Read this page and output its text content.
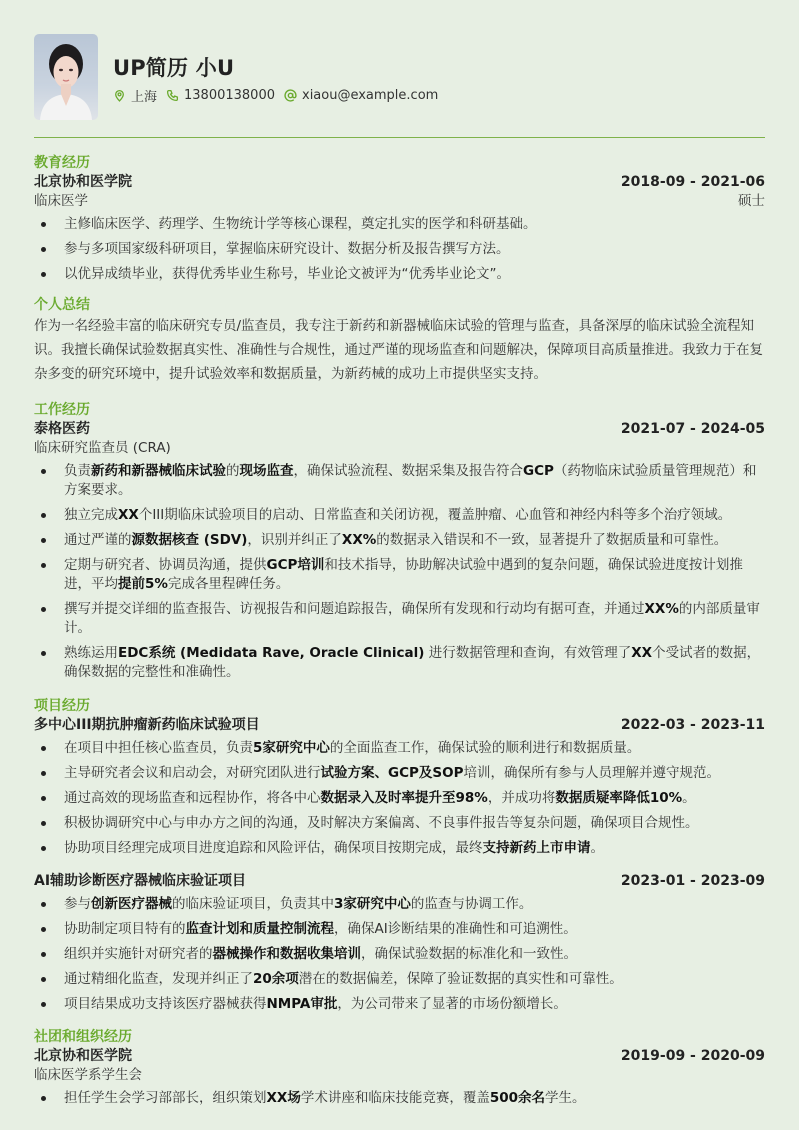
UP简历 小U
上海 13800138000 xiaou@example.com
教育经历
北京协和医学院	2018-09 - 2021-06
临床医学	硕士
主修临床医学、药理学、生物统计学等核心课程，奠定扎实的医学和科研基础。
参与多项国家级科研项目，掌握临床研究设计、数据分析及报告撰写方法。
以优异成绩毕业，获得优秀毕业生称号，毕业论文被评为“优秀毕业论文”。
个人总结
作为一名经验丰富的临床研究专员/监查员，我专注于新药和新器械临床试验的管理与监查，具备深厚的临床试验全流程知识。我擅长确保试验数据真实性、准确性与合规性，通过严谨的现场监查和问题解决，保障项目高质量推进。我致力于在复杂多变的研究环境中，提升试验效率和数据质量，为新药械的成功上市提供坚实支持。
工作经历
泰格医药	2021-07 - 2024-05
临床研究监查员 (CRA)
负责新药和新器械临床试验的现场监查，确保试验流程、数据采集及报告符合GCP（药物临床试验质量管理规范）和方案要求。
独立完成XX个III期临床试验项目的启动、日常监查和关闭访视，覆盖肿瘤、心血管和神经内科等多个治疗领域。
通过严谨的源数据核查 (SDV)，识别并纠正了XX%的数据录入错误和不一致，显著提升了数据质量和可靠性。
定期与研究者、协调员沟通，提供GCP培训和技术指导，协助解决试验中遇到的复杂问题，确保试验进度按计划推进，平均提前5%完成各里程碑任务。
撰写并提交详细的监查报告、访视报告和问题追踪报告，确保所有发现和行动均有据可查，并通过XX%的内部质量审计。
熟练运用EDC系统 (Medidata Rave, Oracle Clinical) 进行数据管理和查询，有效管理了XX个受试者的数据，确保数据的完整性和准确性。
项目经历
多中心III期抗肿瘤新药临床试验项目	2022-03 - 2023-11
在项目中担任核心监查员，负责5家研究中心的全面监查工作，确保试验的顺利进行和数据质量。
主导研究者会议和启动会，对研究团队进行试验方案、GCP及SOP培训，确保所有参与人员理解并遵守规范。
通过高效的现场监查和远程协作，将各中心数据录入及时率提升至98%，并成功将数据质疑率降低10%。
积极协调研究中心与申办方之间的沟通，及时解决方案偏离、不良事件报告等复杂问题，确保项目合规性。
协助项目经理完成项目进度追踪和风险评估，确保项目按期完成，最终支持新药上市申请。
AI辅助诊断医疗器械临床验证项目	2023-01 - 2023-09
参与创新医疗器械的临床验证项目，负责其中3家研究中心的监查与协调工作。
协助制定项目特有的监查计划和质量控制流程，确保AI诊断结果的准确性和可追溯性。
组织并实施针对研究者的器械操作和数据收集培训，确保试验数据的标准化和一致性。
通过精细化监查，发现并纠正了20余项潜在的数据偏差，保障了验证数据的真实性和可靠性。
项目结果成功支持该医疗器械获得NMPA审批，为公司带来了显著的市场份额增长。
社团和组织经历
北京协和医学院	2019-09 - 2020-09
临床医学系学生会
担任学生会学习部部长，组织策划XX场学术讲座和临床技能竞赛，覆盖500余名学生。
